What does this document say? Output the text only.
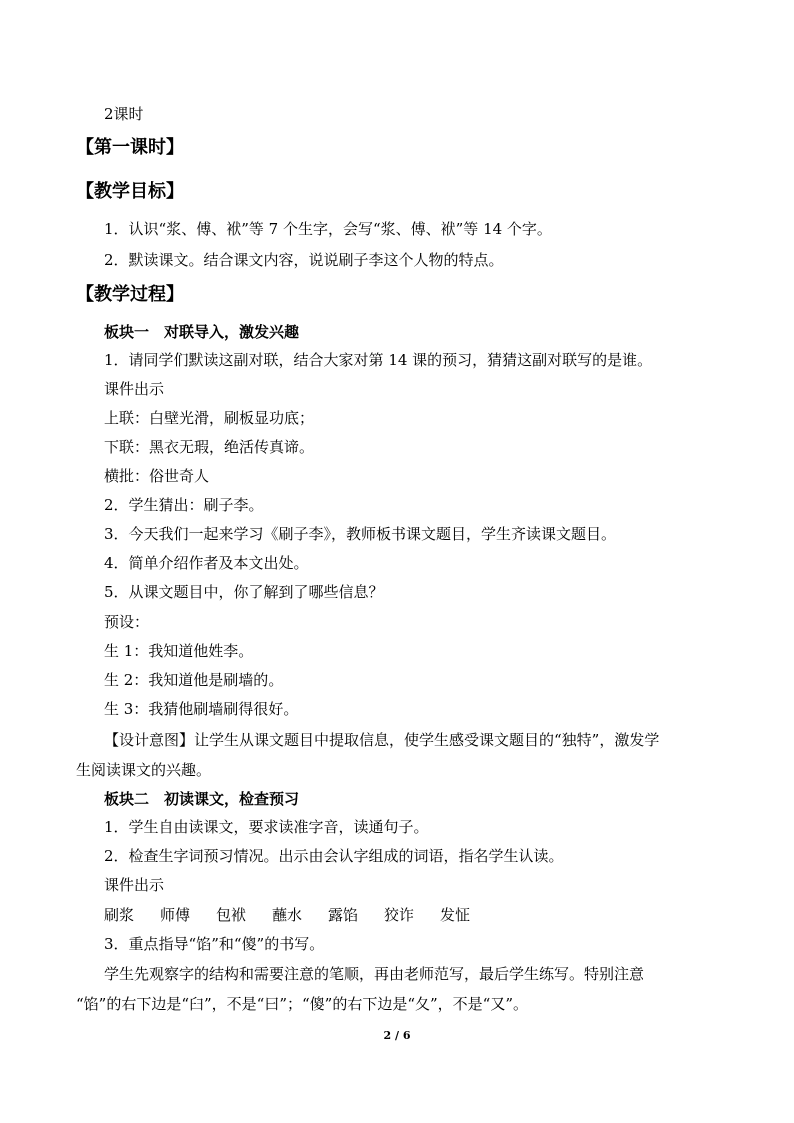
2课时
【第一课时】
【教学目标】
1．认识“浆、傅、袱”等 7 个生字，会写“浆、傅、袱”等 14 个字。
2．默读课文。结合课文内容，说说刷子李这个人物的特点。
【教学过程】
板块一　对联导入，激发兴趣
1．请同学们默读这副对联，结合大家对第 14 课的预习，猜猜这副对联写的是谁。
课件出示
上联：白壁光滑，刷板显功底；
下联：黑衣无瑕，绝活传真谛。
横批：俗世奇人
2．学生猜出：刷子李。
3．今天我们一起来学习《刷子李》，教师板书课文题目，学生齐读课文题目。
4．简单介绍作者及本文出处。
5．从课文题目中，你了解到了哪些信息？
预设：
生 1：我知道他姓李。
生 2：我知道他是刷墙的。
生 3：我猜他刷墙刷得很好。
【设计意图】让学生从课文题目中提取信息，使学生感受课文题目的“独特”，激发学
生阅读课文的兴趣。
板块二　初读课文，检查预习
1．学生自由读课文，要求读准字音，读通句子。
2．检查生字词预习情况。出示由会认字组成的词语，指名学生认读。
课件出示
刷浆 师傅 包袱 蘸水 露馅 狡诈 发怔
3．重点指导“馅”和“傻”的书写。
学生先观察字的结构和需要注意的笔顺，再由老师范写，最后学生练写。特别注意
“馅”的右下边是“臼”，不是“曰”；“傻”的右下边是“夂”，不是“又”。
2 / 6
